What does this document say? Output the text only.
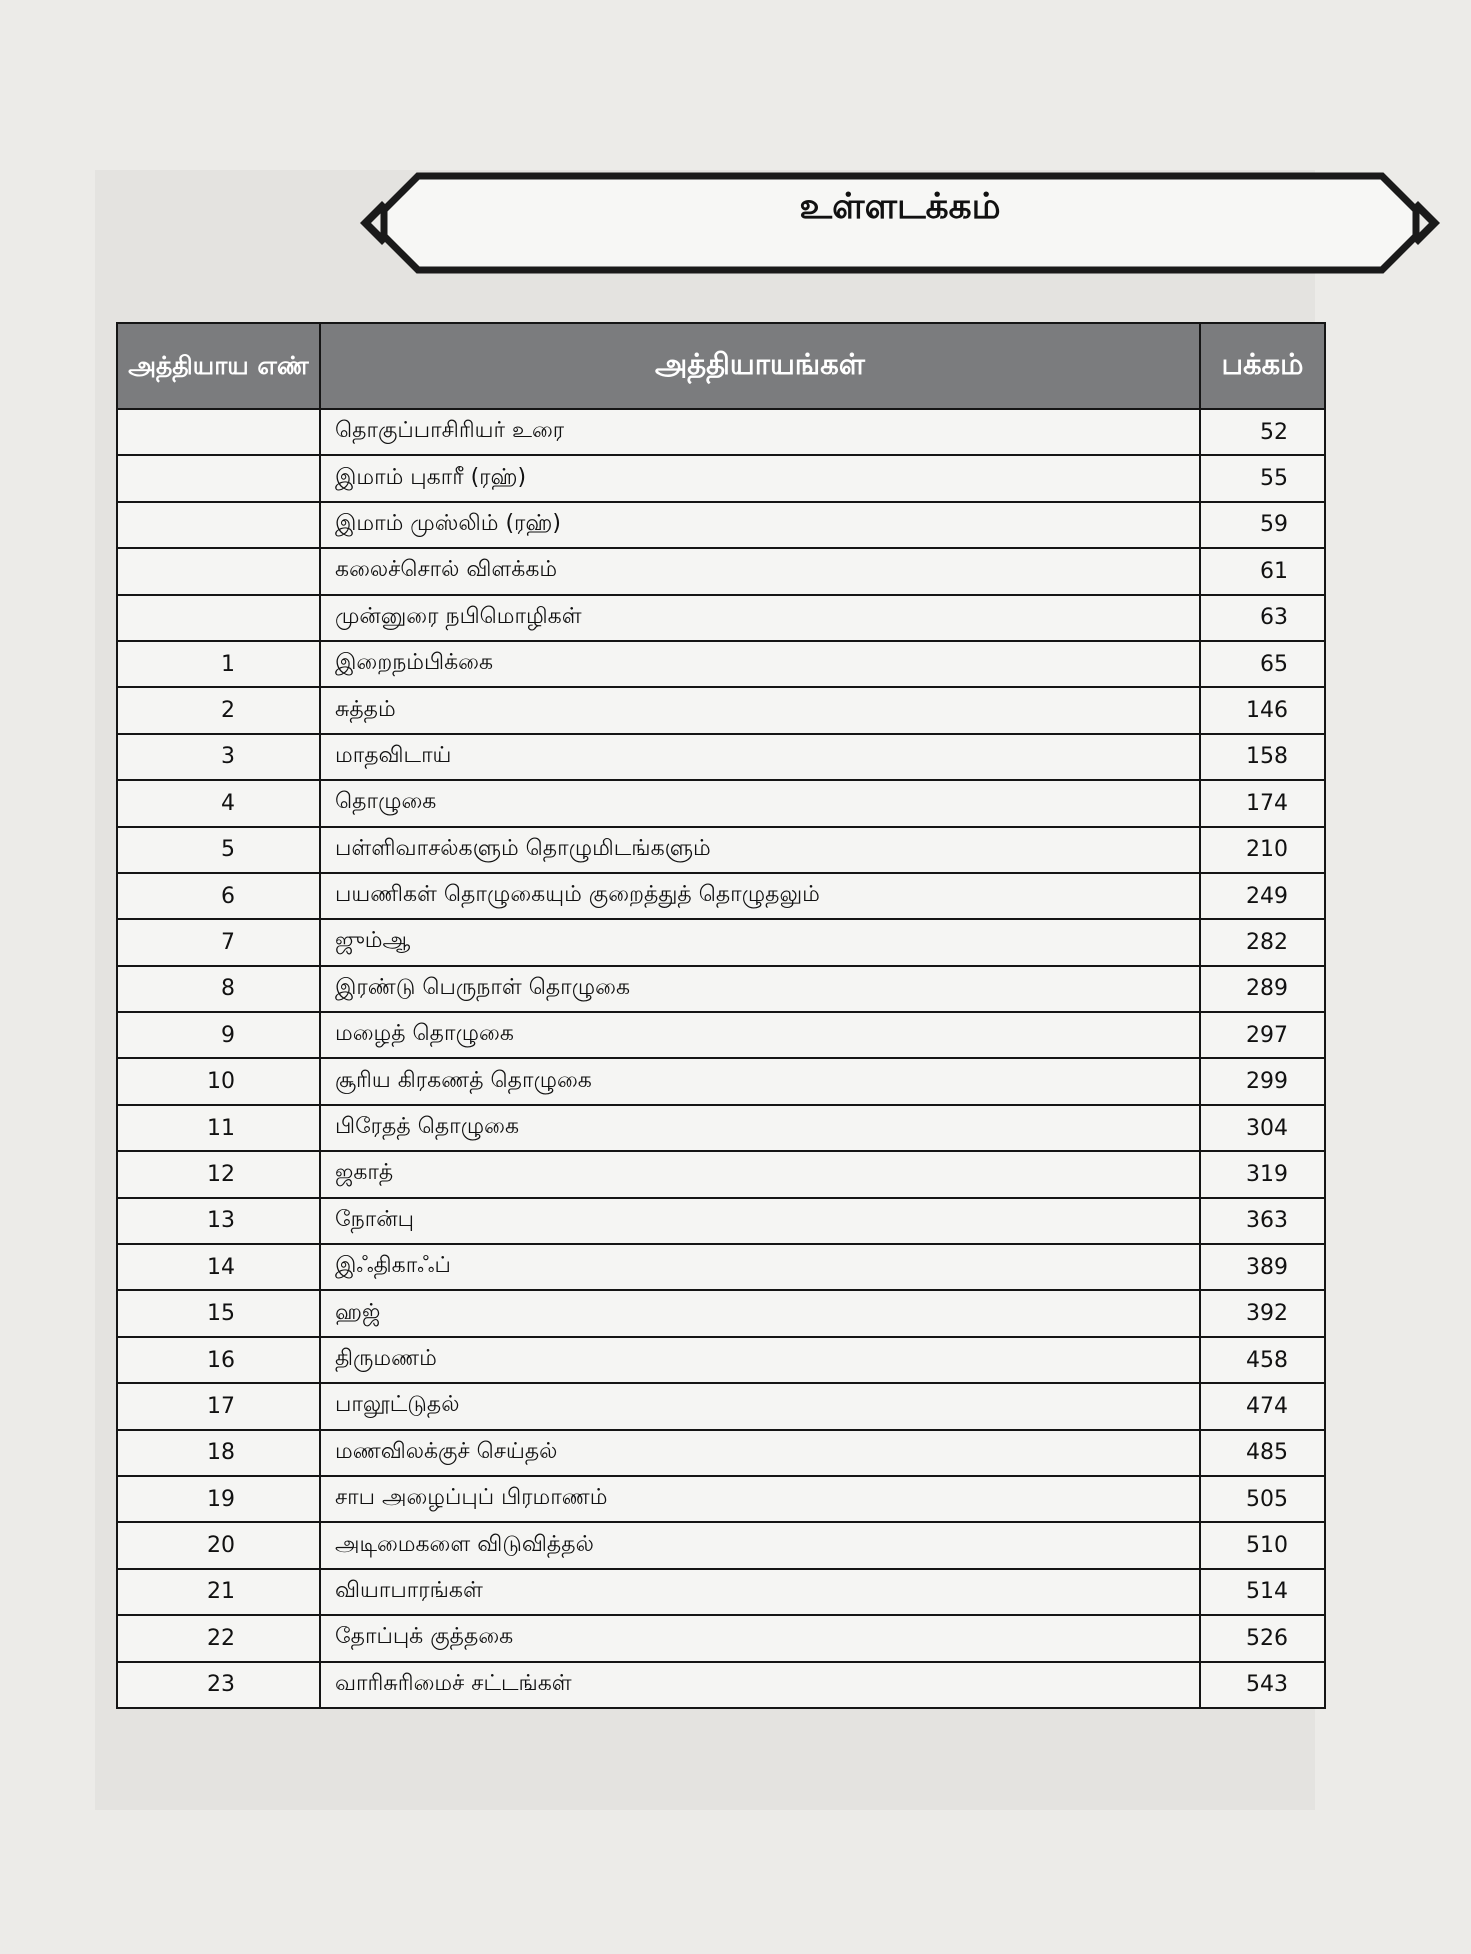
உள்ளடக்கம்
அத்தியாய எண்	அத்தியாயங்கள்	பக்கம்
	தொகுப்பாசிரியர் உரை	52
	இமாம் புகாரீ (ரஹ்)	55
	இமாம் முஸ்லிம் (ரஹ்)	59
	கலைச்சொல் விளக்கம்	61
	முன்னுரை நபிமொழிகள்	63
1	இறைநம்பிக்கை	65
2	சுத்தம்	146
3	மாதவிடாய்	158
4	தொழுகை	174
5	பள்ளிவாசல்களும் தொழுமிடங்களும்	210
6	பயணிகள் தொழுகையும் குறைத்துத் தொழுதலும்	249
7	ஜும்ஆ	282
8	இரண்டு பெருநாள் தொழுகை	289
9	மழைத் தொழுகை	297
10	சூரிய கிரகணத் தொழுகை	299
11	பிரேதத் தொழுகை	304
12	ஜகாத்	319
13	நோன்பு	363
14	இஃதிகாஃப்	389
15	ஹஜ்	392
16	திருமணம்	458
17	பாலூட்டுதல்	474
18	மணவிலக்குச் செய்தல்	485
19	சாப அழைப்புப் பிரமாணம்	505
20	அடிமைகளை விடுவித்தல்	510
21	வியாபாரங்கள்	514
22	தோப்புக் குத்தகை	526
23	வாரிசுரிமைச் சட்டங்கள்	543
